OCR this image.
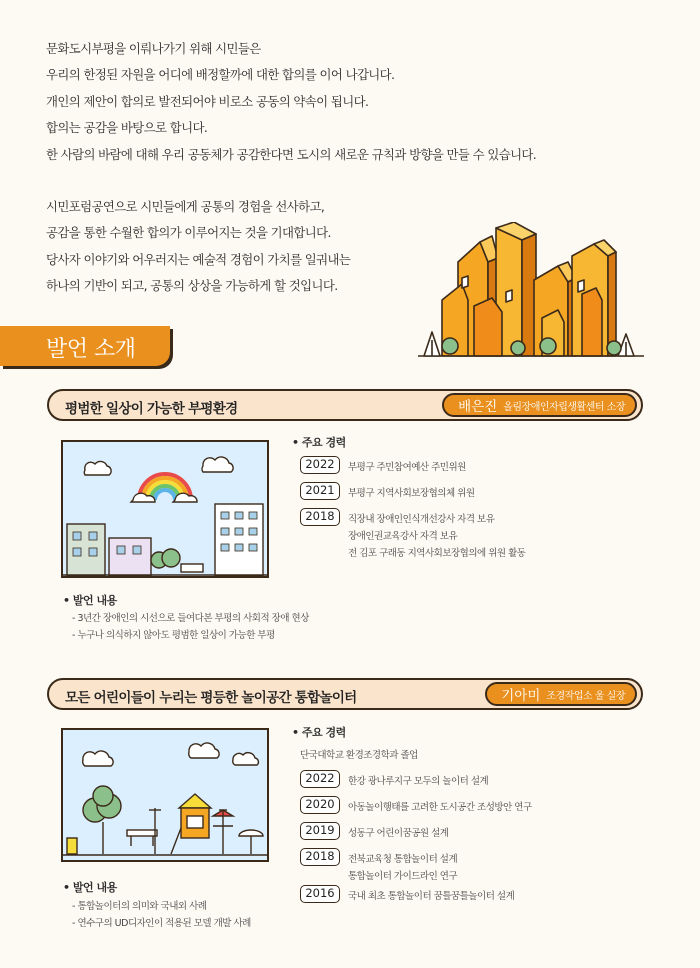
문화도시부평을 이뤄나가기 위해 시민들은

우리의 한정된 자원을 어디에 배정할까에 대한 합의를 이어 나갑니다.

개인의 제안이 합의로 발전되어야 비로소 공동의 약속이 됩니다.

합의는 공감을 바탕으로 합니다.

한 사람의 바람에 대해 우리 공동체가 공감한다면 도시의 새로운 규칙과 방향을 만들 수 있습니다.

시민포럼공연으로 시민들에게 공통의 경험을 선사하고,

공감을 통한 수월한 합의가 이루어지는 것을 기대합니다.

당사자 이야기와 어우러지는 예술적 경험이 가치를 일궈내는

하나의 기반이 되고, 공통의 상상을 가능하게 할 것입니다.

발언 소개
평범한 일상이 가능한 부평환경	배은진 올림장애인자립생활센터 소장
• 주요 경력
2022	부평구 주민참여예산 주민위원
2021	부평구 지역사회보장협의체 위원
2018	직장내 장애인인식개선강사 자격 보유
장애인권교육강사 자격 보유
전 김포 구래동 지역사회보장협의에 위원 활동
• 발언 내용
- 3년간 장애인의 시선으로 들여다본 부평의 사회적 장애 현상
- 누구나 의식하지 않아도 평범한 일상이 가능한 부평
모든 어린이들이 누리는 평등한 놀이공간 통합놀이터	기아미 조경작업소 울 실장
• 주요 경력
단국대학교 환경조경학과 졸업
2022	한강 광나루지구 모두의 놀이터 설계
2020	아동놀이행태를 고려한 도시공간 조성방안 연구
2019	성동구 어린이꿈공원 설계
2018	전북교육청 통합놀이터 설계
통합놀이터 가이드라인 연구
2016	국내 최초 통합놀이터 꿈틀꿈틀놀이터 설계
• 발언 내용
- 통합놀이터의 의미와 국내외 사례
- 연수구의 UD디자인이 적용된 모델 개발 사례
